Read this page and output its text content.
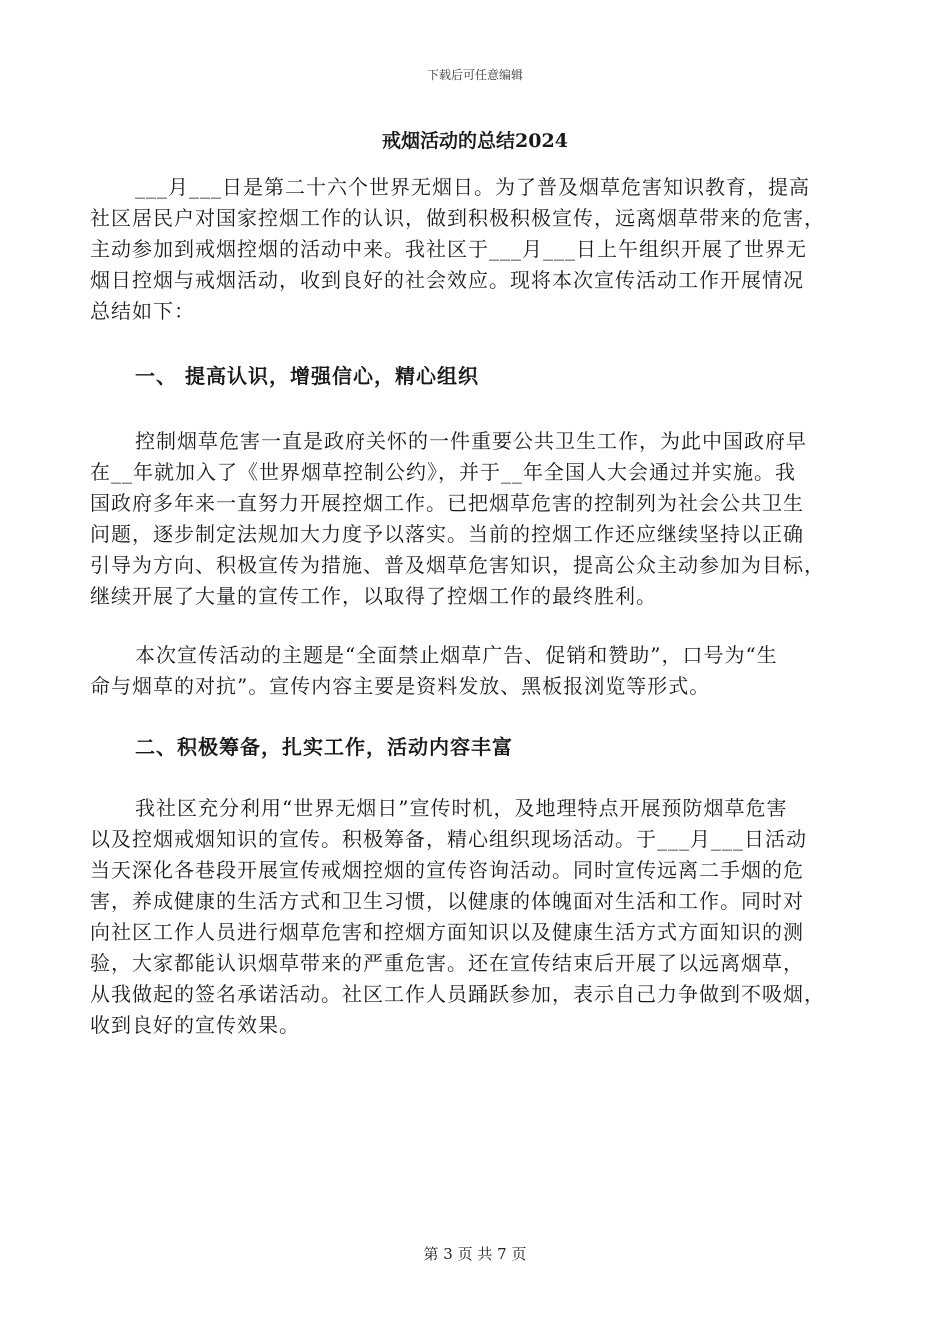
下载后可任意编辑
戒烟活动的总结2024
___月___日是第二十六个世界无烟日。为了普及烟草危害知识教育，提高
社区居民户对国家控烟工作的认识，做到积极积极宣传，远离烟草带来的危害，
主动参加到戒烟控烟的活动中来。我社区于___月___日上午组织开展了世界无
烟日控烟与戒烟活动，收到良好的社会效应。现将本次宣传活动工作开展情况
总结如下：
一、 提高认识，增强信心，精心组织
控制烟草危害一直是政府关怀的一件重要公共卫生工作，为此中国政府早
在__年就加入了《世界烟草控制公约》，并于__年全国人大会通过并实施。我
国政府多年来一直努力开展控烟工作。已把烟草危害的控制列为社会公共卫生
问题，逐步制定法规加大力度予以落实。当前的控烟工作还应继续坚持以正确
引导为方向、积极宣传为措施、普及烟草危害知识，提高公众主动参加为目标，
继续开展了大量的宣传工作，以取得了控烟工作的最终胜利。
本次宣传活动的主题是“全面禁止烟草广告、促销和赞助”，口号为“生
命与烟草的对抗”。宣传内容主要是资料发放、黑板报浏览等形式。
二、积极筹备，扎实工作，活动内容丰富
我社区充分利用“世界无烟日”宣传时机，及地理特点开展预防烟草危害
以及控烟戒烟知识的宣传。积极筹备，精心组织现场活动。于___月___日活动
当天深化各巷段开展宣传戒烟控烟的宣传咨询活动。同时宣传远离二手烟的危
害，养成健康的生活方式和卫生习惯，以健康的体魄面对生活和工作。同时对
向社区工作人员进行烟草危害和控烟方面知识以及健康生活方式方面知识的测
验，大家都能认识烟草带来的严重危害。还在宣传结束后开展了以远离烟草，
从我做起的签名承诺活动。社区工作人员踊跃参加，表示自己力争做到不吸烟，
收到良好的宣传效果。
第 3 页 共 7 页
